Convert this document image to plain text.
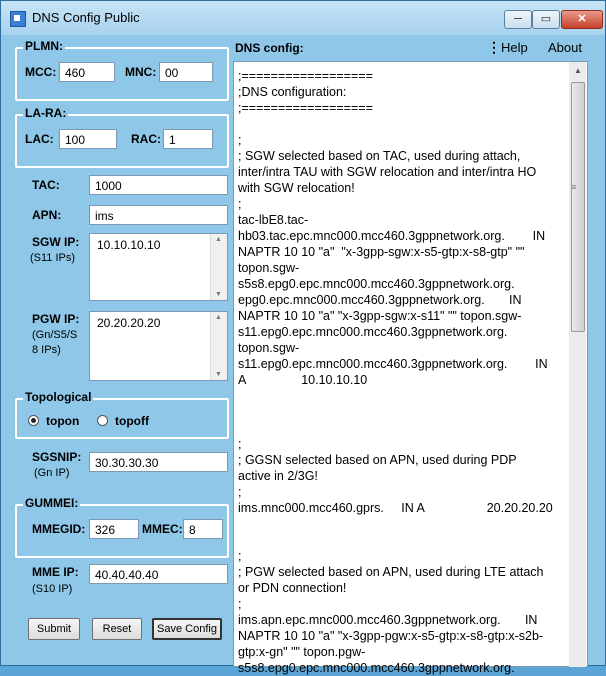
DNS Config Public	─	▭	✕
PLMN:
MCC: 460	MNC: 00
LA-RA:
LAC: 100	RAC: 1
TAC:	1000
APN:	ims
SGW IP:
(S11 IPs)
10.10.10.10	▲
▼
PGW IP:
(Gn/S5/S
8 IPs)
20.20.20.20	▲
▼
Topological
topon	topoff
SGSNIP:
(Gn IP)
30.30.30.30
GUMMEI:
MMEGID: 326	MMEC: 8
MME IP:
(S10 IP)
40.40.40.40
Submit	Reset	Save Config
DNS config:	⋮ Help About
;==================
;DNS configuration:
;==================
;
; SGW selected based on TAC, used during attach,
inter/intra TAU with SGW relocation and inter/intra HO
with SGW relocation!
;
tac-lbE8.tac-
hb03.tac.epc.mnc000.mcc460.3gppnetwork.org.        IN
NAPTR 10 10 "a"  "x-3gpp-sgw:x-s5-gtp:x-s8-gtp" ""
topon.sgw-
s5s8.epg0.epc.mnc000.mcc460.3gppnetwork.org.
epg0.epc.mnc000.mcc460.3gppnetwork.org.       IN
NAPTR 10 10 "a" "x-3gpp-sgw:x-s11" "" topon.sgw-
s11.epg0.epc.mnc000.mcc460.3gppnetwork.org.
topon.sgw-
s11.epg0.epc.mnc000.mcc460.3gppnetwork.org.        IN
A                10.10.10.10
;
; GGSN selected based on APN, used during PDP
active in 2/3G!
;
ims.mnc000.mcc460.gprs.     IN A                  20.20.20.20
;
; PGW selected based on APN, used during LTE attach
or PDN connection!
;
ims.apn.epc.mnc000.mcc460.3gppnetwork.org.       IN
NAPTR 10 10 "a" "x-3gpp-pgw:x-s5-gtp:x-s8-gtp:x-s2b-
gtp:x-gn" "" topon.pgw-
s5s8.epg0.epc.mnc000.mcc460.3gppnetwork.org.
▲
≡
